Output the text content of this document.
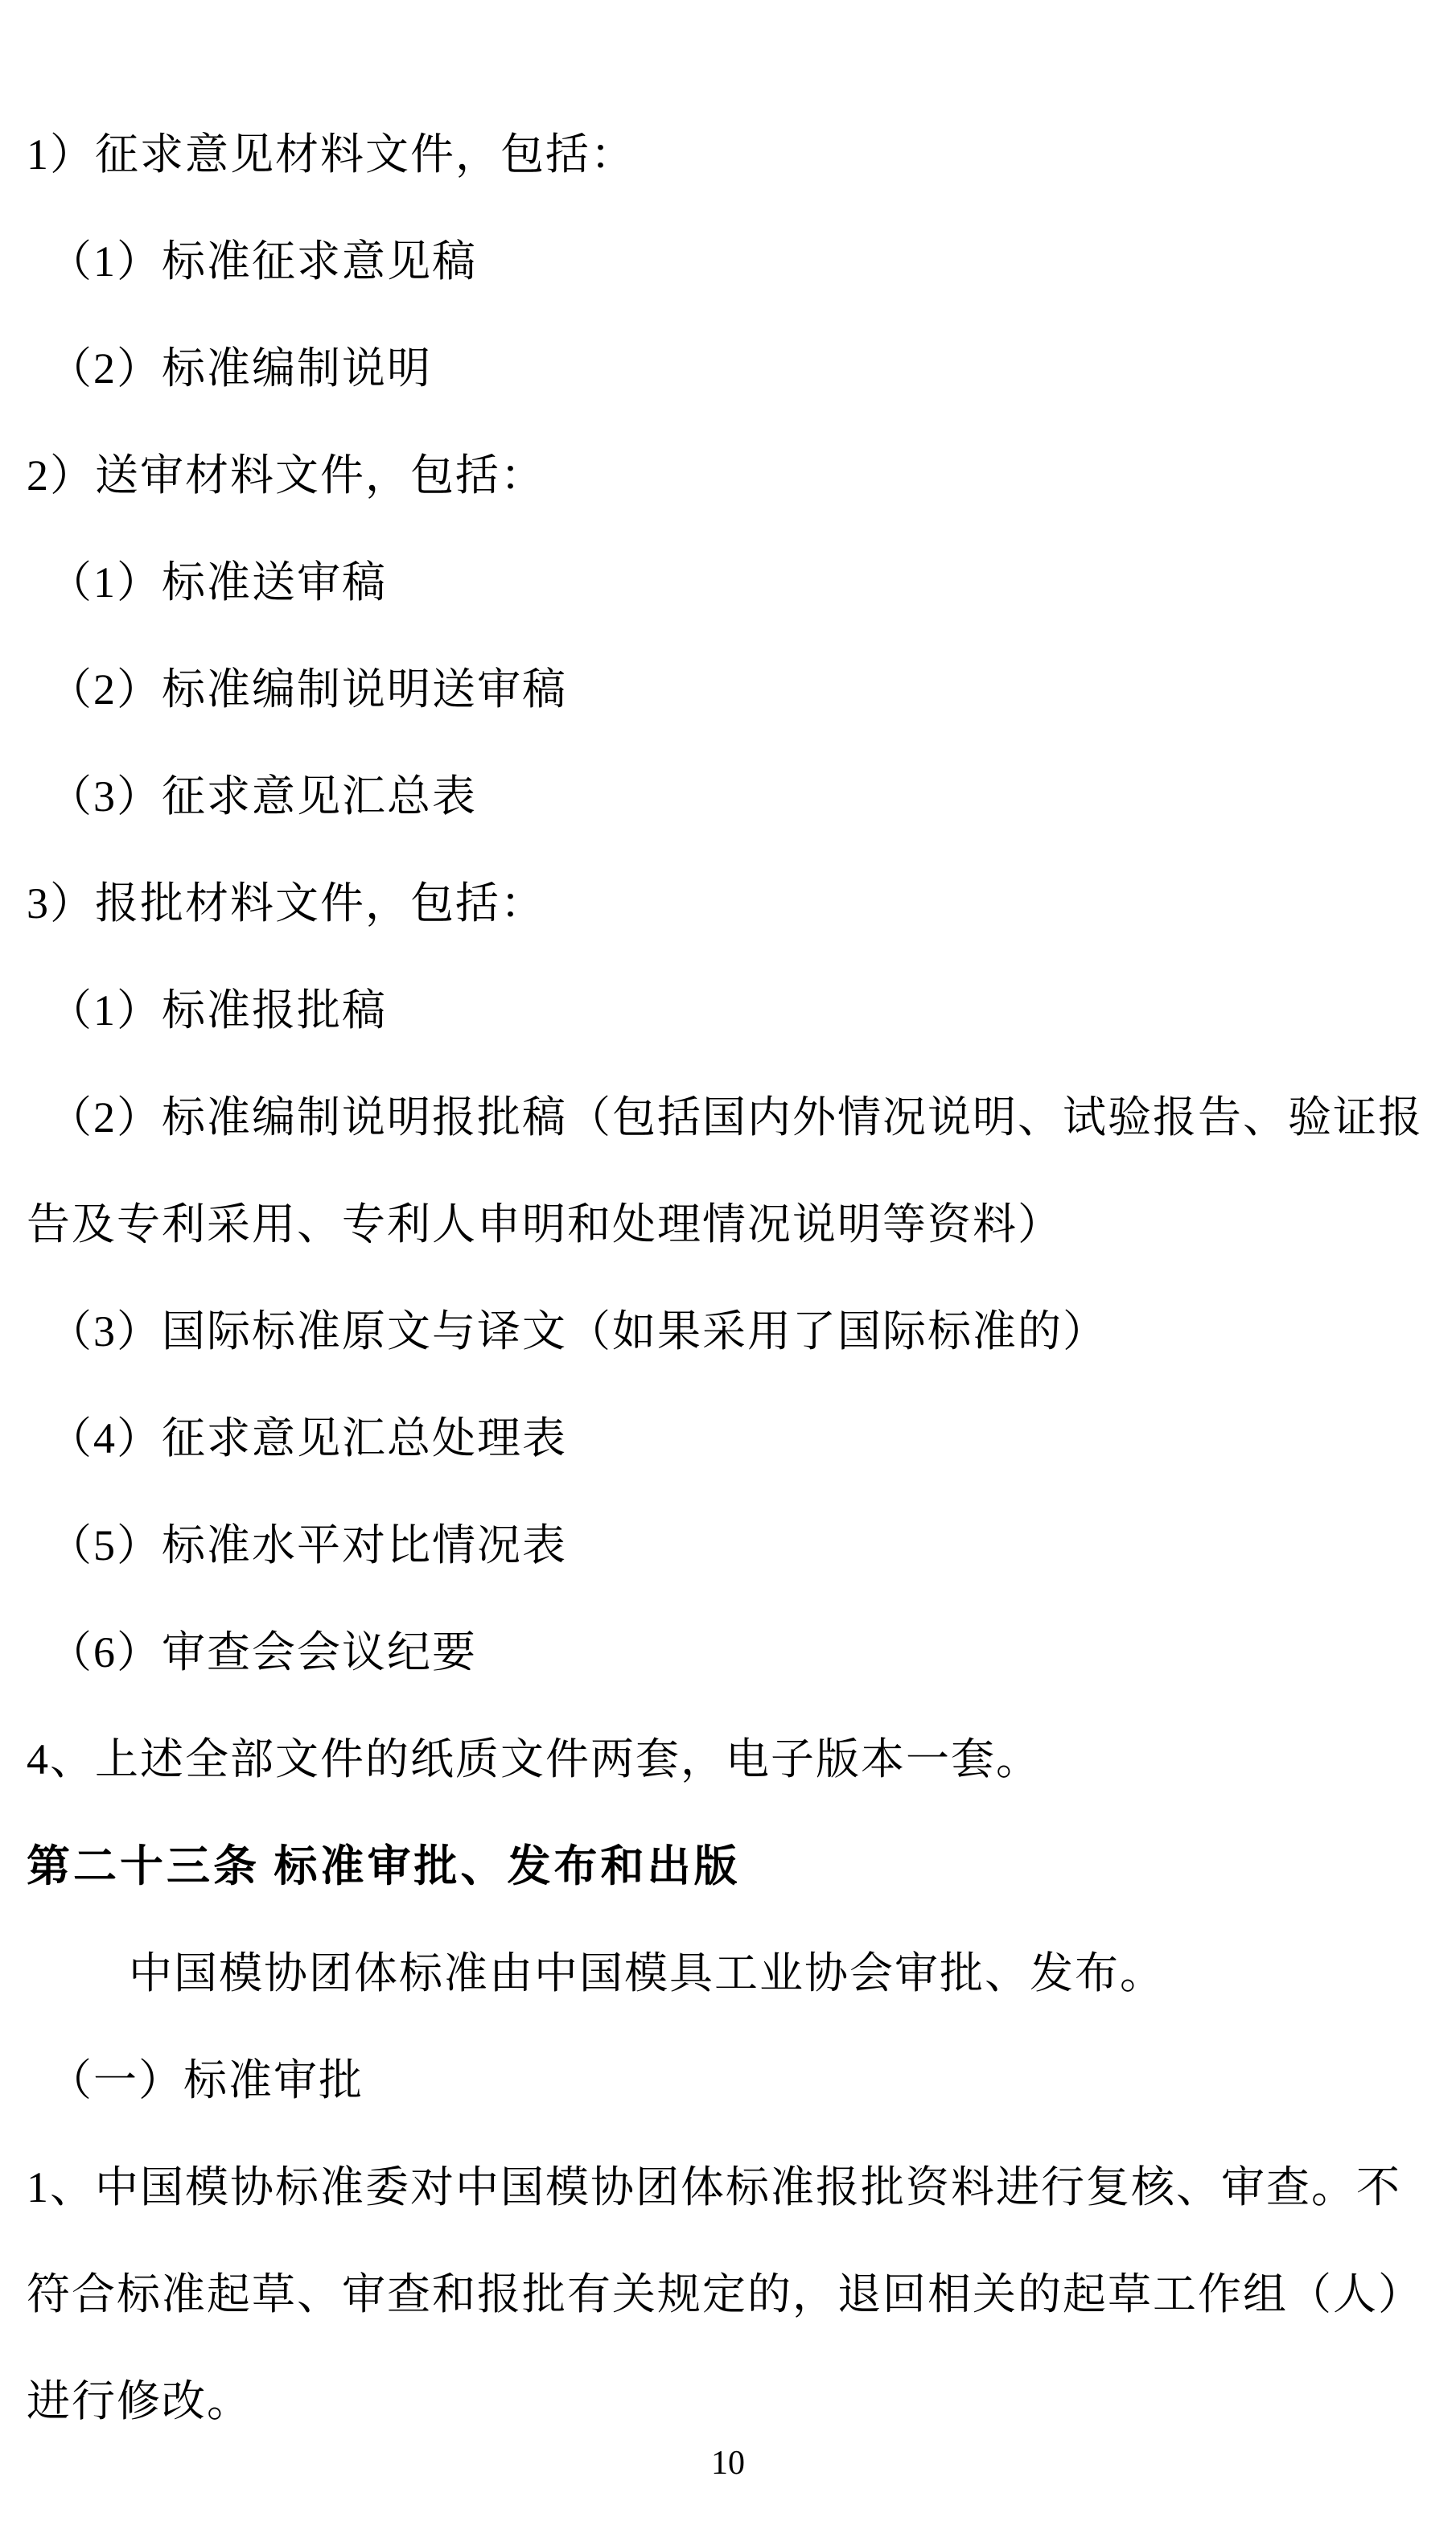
1）征求意见材料文件，包括：
（1）标准征求意见稿
（2）标准编制说明
2）送审材料文件，包括：
（1）标准送审稿
（2）标准编制说明送审稿
（3）征求意见汇总表
3）报批材料文件，包括：
（1）标准报批稿
（2）标准编制说明报批稿（包括国内外情况说明、试验报告、验证报
告及专利采用、专利人申明和处理情况说明等资料）
（3）国际标准原文与译文（如果采用了国际标准的）
（4）征求意见汇总处理表
（5）标准水平对比情况表
（6）审查会会议纪要
4、上述全部文件的纸质文件两套，电子版本一套。
第二十三条 标准审批、发布和出版
中国模协团体标准由中国模具工业协会审批、发布。
（一）标准审批
1、中国模协标准委对中国模协团体标准报批资料进行复核、审查。不
符合标准起草、审查和报批有关规定的，退回相关的起草工作组（人）
进行修改。
10
